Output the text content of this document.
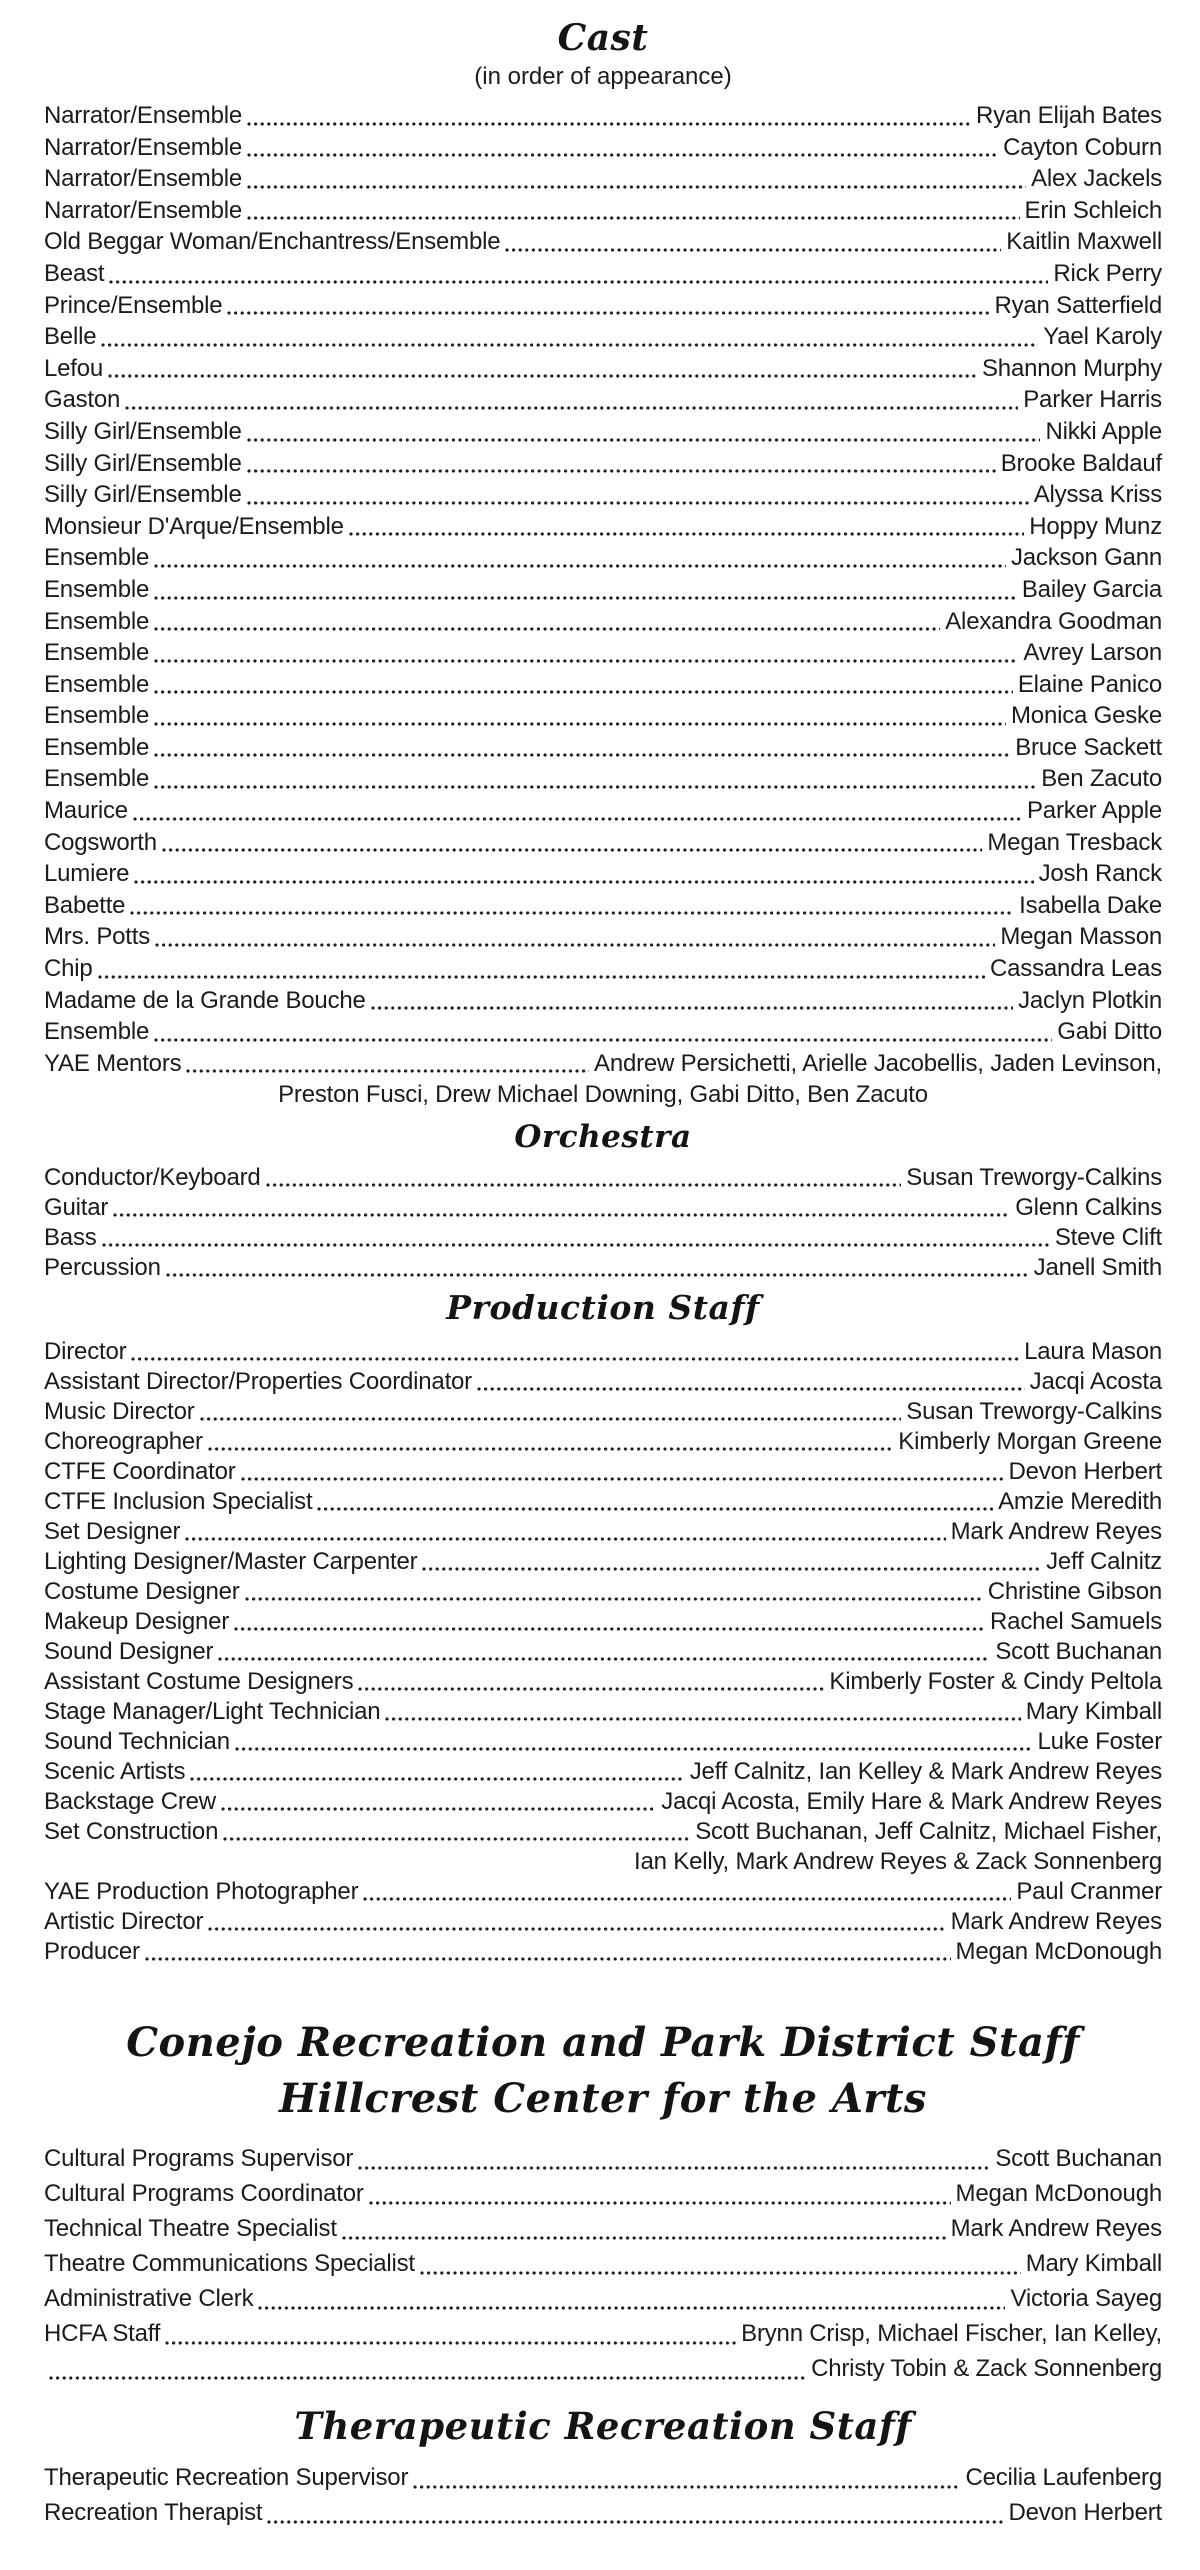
Cast
(in order of appearance)
Narrator/Ensemble	Ryan Elijah Bates
Narrator/Ensemble	Cayton Coburn
Narrator/Ensemble	Alex Jackels
Narrator/Ensemble	Erin Schleich
Old Beggar Woman/Enchantress/Ensemble	Kaitlin Maxwell
Beast	Rick Perry
Prince/Ensemble	Ryan Satterfield
Belle	Yael Karoly
Lefou	Shannon Murphy
Gaston	Parker Harris
Silly Girl/Ensemble	Nikki Apple
Silly Girl/Ensemble	Brooke Baldauf
Silly Girl/Ensemble	Alyssa Kriss
Monsieur D'Arque/Ensemble	Hoppy Munz
Ensemble	Jackson Gann
Ensemble	Bailey Garcia
Ensemble	Alexandra Goodman
Ensemble	Avrey Larson
Ensemble	Elaine Panico
Ensemble	Monica Geske
Ensemble	Bruce Sackett
Ensemble	Ben Zacuto
Maurice	Parker Apple
Cogsworth	Megan Tresback
Lumiere	Josh Ranck
Babette	Isabella Dake
Mrs. Potts	Megan Masson
Chip	Cassandra Leas
Madame de la Grande Bouche	Jaclyn Plotkin
Ensemble	Gabi Ditto
YAE Mentors	Andrew Persichetti, Arielle Jacobellis, Jaden Levinson,
Preston Fusci, Drew Michael Downing, Gabi Ditto, Ben Zacuto
Orchestra
Conductor/Keyboard	Susan Treworgy-Calkins
Guitar	Glenn Calkins
Bass	Steve Clift
Percussion	Janell Smith
Production Staff
Director	Laura Mason
Assistant Director/Properties Coordinator	Jacqi Acosta
Music Director	Susan Treworgy-Calkins
Choreographer	Kimberly Morgan Greene
CTFE Coordinator	Devon Herbert
CTFE Inclusion Specialist	Amzie Meredith
Set Designer	Mark Andrew Reyes
Lighting Designer/Master Carpenter	Jeff Calnitz
Costume Designer	Christine Gibson
Makeup Designer	Rachel Samuels
Sound Designer	Scott Buchanan
Assistant Costume Designers	Kimberly Foster & Cindy Peltola
Stage Manager/Light Technician	Mary Kimball
Sound Technician	Luke Foster
Scenic Artists	Jeff Calnitz, Ian Kelley & Mark Andrew Reyes
Backstage Crew	Jacqi Acosta, Emily Hare & Mark Andrew Reyes
Set Construction	Scott Buchanan, Jeff Calnitz, Michael Fisher,
Ian Kelly, Mark Andrew Reyes & Zack Sonnenberg
YAE Production Photographer	Paul Cranmer
Artistic Director	Mark Andrew Reyes
Producer	Megan McDonough
Conejo Recreation and Park District Staff
Hillcrest Center for the Arts
Cultural Programs Supervisor	Scott Buchanan
Cultural Programs Coordinator	Megan McDonough
Technical Theatre Specialist	Mark Andrew Reyes
Theatre Communications Specialist	Mary Kimball
Administrative Clerk	Victoria Sayeg
HCFA Staff	Brynn Crisp, Michael Fischer, Ian Kelley,
Christy Tobin & Zack Sonnenberg
Therapeutic Recreation Staff
Therapeutic Recreation Supervisor	Cecilia Laufenberg
Recreation Therapist	Devon Herbert
